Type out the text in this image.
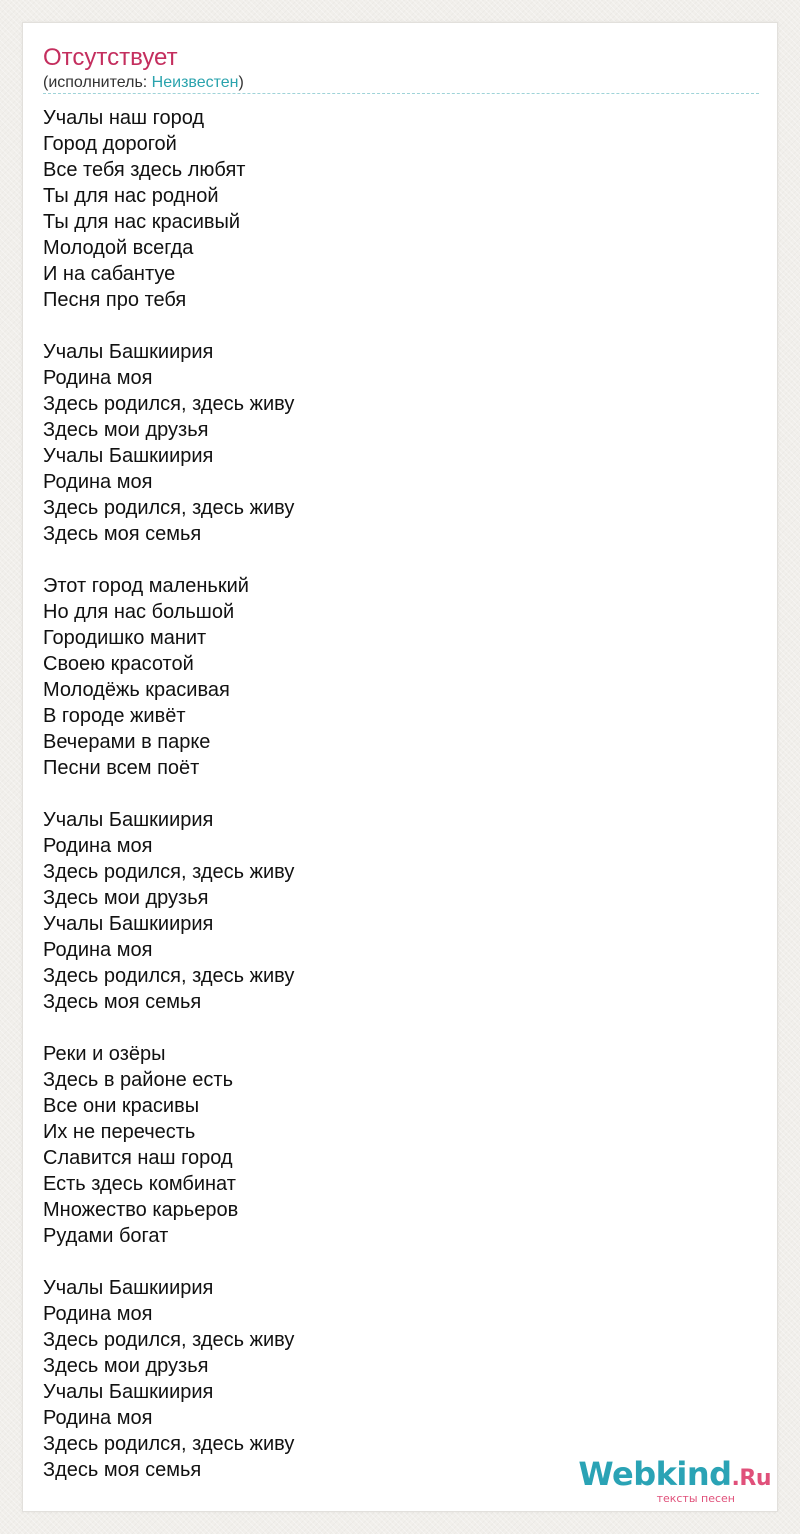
Отсутствует
(исполнитель: Неизвестен)
Учалы наш город
Город дорогой
Все тебя здесь любят
Ты для нас родной
Ты для нас красивый
Молодой всегда
И на сабантуе
Песня про тебя
Учалы Башкиирия
Родина моя
Здесь родился, здесь живу
Здесь мои друзья
Учалы Башкиирия
Родина моя
Здесь родился, здесь живу
Здесь моя семья
Этот город маленький
Но для нас большой
Городишко манит
Своею красотой
Молодёжь красивая
В городе живёт
Вечерами в парке
Песни всем поёт
Учалы Башкиирия
Родина моя
Здесь родился, здесь живу
Здесь мои друзья
Учалы Башкиирия
Родина моя
Здесь родился, здесь живу
Здесь моя семья
Реки и озёры
Здесь в районе есть
Все они красивы
Их не перечесть
Славится наш город
Есть здесь комбинат
Множество карьеров
Рудами богат
Учалы Башкиирия
Родина моя
Здесь родился, здесь живу
Здесь мои друзья
Учалы Башкиирия
Родина моя
Здесь родился, здесь живу
Здесь моя семья	Webkind.Ru
тексты песен
